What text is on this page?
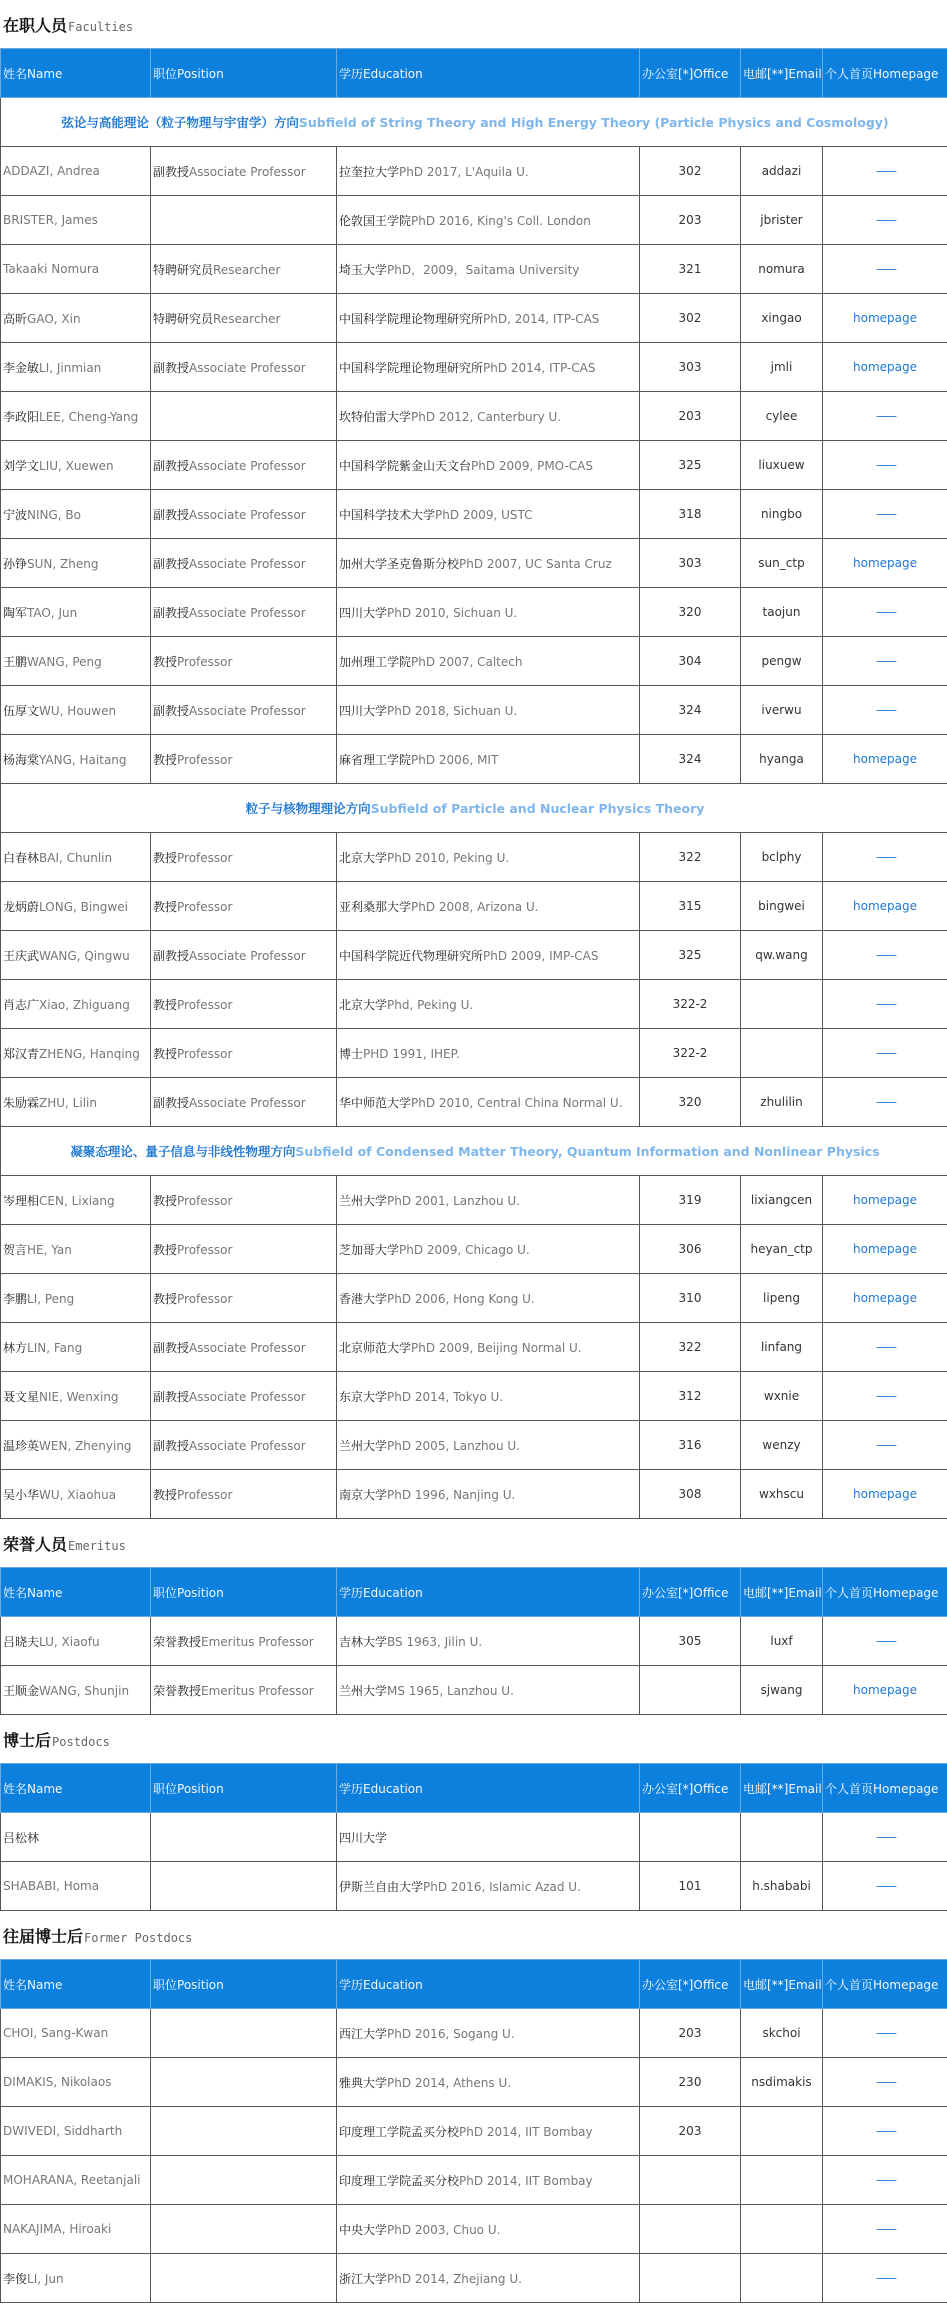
在职人员Faculties
姓名Name	职位Position	学历Education	办公室[*]Office	电邮[**]Email	个人首页Homepage
弦论与高能理论（粒子物理与宇宙学）方向Subfield of String Theory and High Energy Theory (Particle Physics and Cosmology)					
ADDAZI, Andrea	副教授Associate Professor	拉奎拉大学PhD 2017, L'Aquila U.	302	addazi	——
BRISTER, James		伦敦国王学院PhD 2016, King's Coll. London	203	jbrister	——
Takaaki Nomura	特聘研究员Researcher	埼玉大学PhD，2009，Saitama University	321	nomura	——
高昕GAO, Xin	特聘研究员Researcher	中国科学院理论物理研究所PhD, 2014, ITP-CAS	302	xingao	homepage
李金敏LI, Jinmian	副教授Associate Professor	中国科学院理论物理研究所PhD 2014, ITP-CAS	303	jmli	homepage
李政阳LEE, Cheng-Yang		坎特伯雷大学PhD 2012, Canterbury U.	203	cylee	——
刘学文LIU, Xuewen	副教授Associate Professor	中国科学院紫金山天文台PhD 2009, PMO-CAS	325	liuxuew	——
宁波NING, Bo	副教授Associate Professor	中国科学技术大学PhD 2009, USTC	318	ningbo	——
孙铮SUN, Zheng	副教授Associate Professor	加州大学圣克鲁斯分校PhD 2007, UC Santa Cruz	303	sun_ctp	homepage
陶军TAO, Jun	副教授Associate Professor	四川大学PhD 2010, Sichuan U.	320	taojun	——
王鹏WANG, Peng	教授Professor	加州理工学院PhD 2007, Caltech	304	pengw	——
伍厚文WU, Houwen	副教授Associate Professor	四川大学PhD 2018, Sichuan U.	324	iverwu	——
杨海棠YANG, Haitang	教授Professor	麻省理工学院PhD 2006, MIT	324	hyanga	homepage
粒子与核物理理论方向Subfield of Particle and Nuclear Physics Theory					
白春林BAI, Chunlin	教授Professor	北京大学PhD 2010, Peking U.	322	bclphy	——
龙炳蔚LONG, Bingwei	教授Professor	亚利桑那大学PhD 2008, Arizona U.	315	bingwei	homepage
王庆武WANG, Qingwu	副教授Associate Professor	中国科学院近代物理研究所PhD 2009, IMP-CAS	325	qw.wang	——
肖志广Xiao, Zhiguang	教授Professor	北京大学Phd, Peking U.	322-2		——
郑汉青ZHENG, Hanqing	教授Professor	博士PHD 1991, IHEP.	322-2		——
朱励霖ZHU, Lilin	副教授Associate Professor	华中师范大学PhD 2010, Central China Normal U.	320	zhulilin	——
凝聚态理论、量子信息与非线性物理方向Subfield of Condensed Matter Theory, Quantum Information and Nonlinear Physics					
岑理相CEN, Lixiang	教授Professor	兰州大学PhD 2001, Lanzhou U.	319	lixiangcen	homepage
贺言HE, Yan	教授Professor	芝加哥大学PhD 2009, Chicago U.	306	heyan_ctp	homepage
李鹏LI, Peng	教授Professor	香港大学PhD 2006, Hong Kong U.	310	lipeng	homepage
林方LIN, Fang	副教授Associate Professor	北京师范大学PhD 2009, Beijing Normal U.	322	linfang	——
聂文星NIE, Wenxing	副教授Associate Professor	东京大学PhD 2014, Tokyo U.	312	wxnie	——
温珍英WEN, Zhenying	副教授Associate Professor	兰州大学PhD 2005, Lanzhou U.	316	wenzy	——
吴小华WU, Xiaohua	教授Professor	南京大学PhD 1996, Nanjing U.	308	wxhscu	homepage
荣誉人员Emeritus
姓名Name	职位Position	学历Education	办公室[*]Office	电邮[**]Email	个人首页Homepage
吕晓夫LU, Xiaofu	荣誉教授Emeritus Professor	吉林大学BS 1963, Jilin U.	305	luxf	——
王顺金WANG, Shunjin	荣誉教授Emeritus Professor	兰州大学MS 1965, Lanzhou U.		sjwang	homepage
博士后Postdocs
姓名Name	职位Position	学历Education	办公室[*]Office	电邮[**]Email	个人首页Homepage
吕松林		四川大学			——
SHABABI, Homa		伊斯兰自由大学PhD 2016, Islamic Azad U.	101	h.shababi	——
往届博士后Former Postdocs
姓名Name	职位Position	学历Education	办公室[*]Office	电邮[**]Email	个人首页Homepage
CHOI, Sang-Kwan		西江大学PhD 2016, Sogang U.	203	skchoi	——
DIMAKIS, Nikolaos		雅典大学PhD 2014, Athens U.	230	nsdimakis	——
DWIVEDI, Siddharth		印度理工学院孟买分校PhD 2014, IIT Bombay	203		——
MOHARANA, Reetanjali		印度理工学院孟买分校PhD 2014, IIT Bombay			——
NAKAJIMA, Hiroaki		中央大学PhD 2003, Chuo U.			——
李俊LI, Jun		浙江大学PhD 2014, Zhejiang U.			——
